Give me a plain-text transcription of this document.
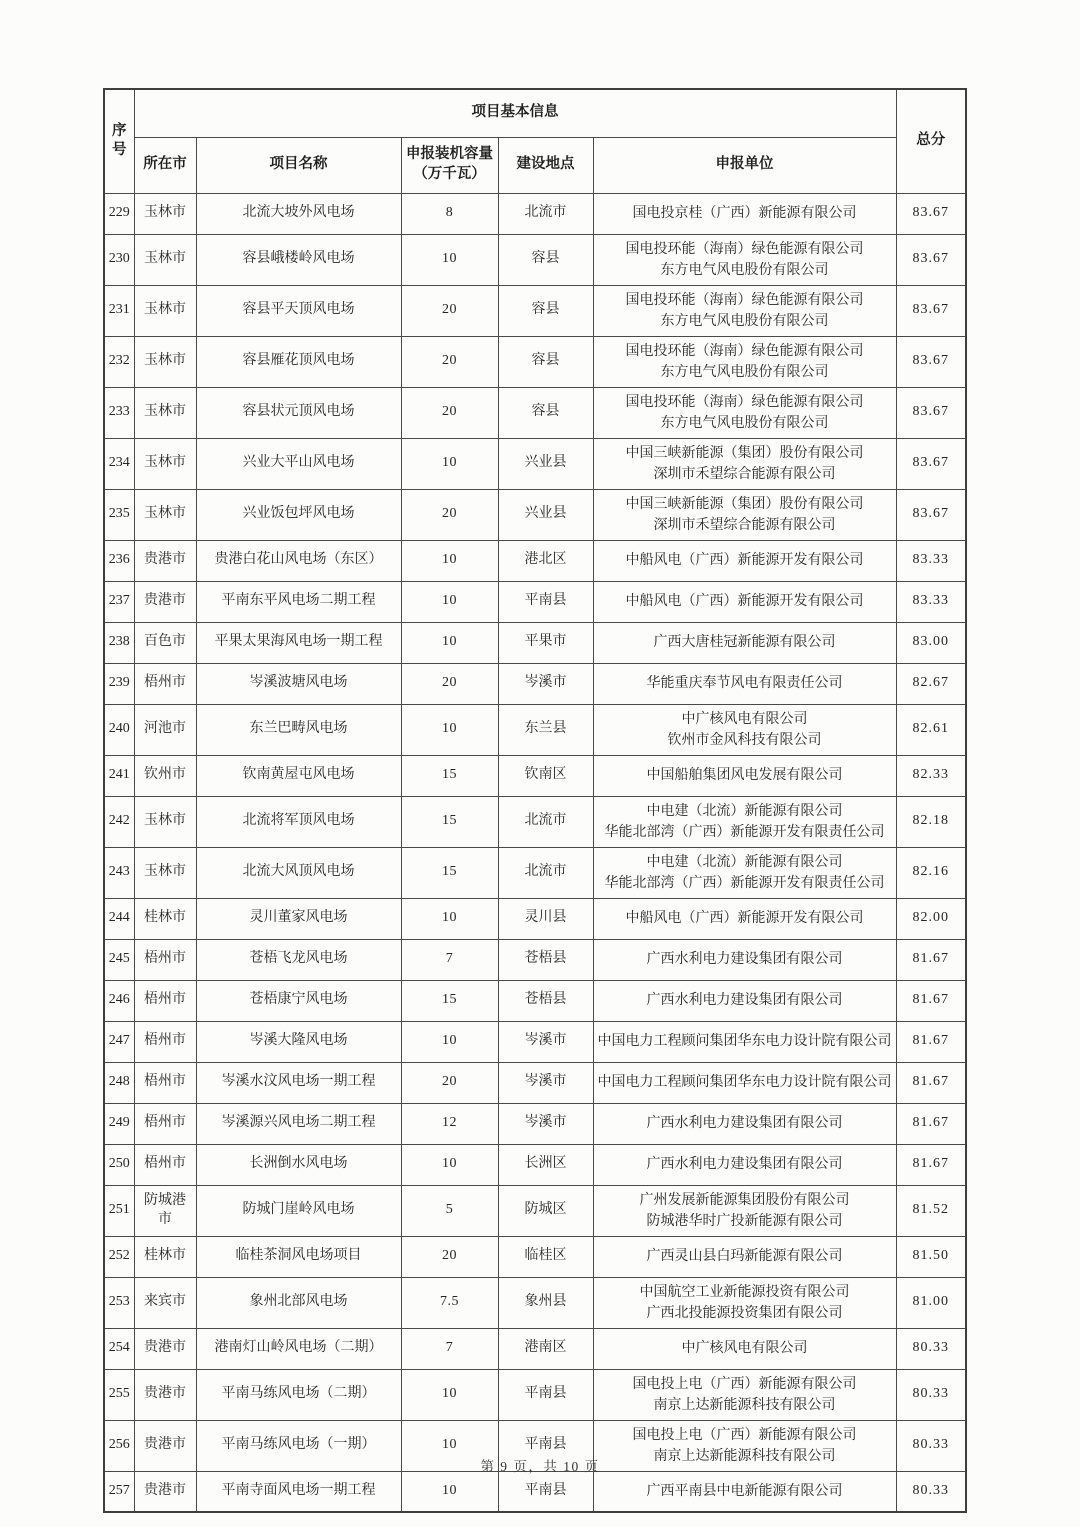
序号	项目基本信息					总分
	所在市	项目名称	申报装机容量
（万千瓦）	建设地点	申报单位	
229	玉林市	北流大坡外风电场	8	北流市	国电投京桂（广西）新能源有限公司	83.67
230	玉林市	容县峨楼岭风电场	10	容县	国电投环能（海南）绿色能源有限公司
东方电气风电股份有限公司	83.67
231	玉林市	容县平天顶风电场	20	容县	国电投环能（海南）绿色能源有限公司
东方电气风电股份有限公司	83.67
232	玉林市	容县雁花顶风电场	20	容县	国电投环能（海南）绿色能源有限公司
东方电气风电股份有限公司	83.67
233	玉林市	容县状元顶风电场	20	容县	国电投环能（海南）绿色能源有限公司
东方电气风电股份有限公司	83.67
234	玉林市	兴业大平山风电场	10	兴业县	中国三峡新能源（集团）股份有限公司
深圳市禾望综合能源有限公司	83.67
235	玉林市	兴业饭包坪风电场	20	兴业县	中国三峡新能源（集团）股份有限公司
深圳市禾望综合能源有限公司	83.67
236	贵港市	贵港白花山风电场（东区）	10	港北区	中船风电（广西）新能源开发有限公司	83.33
237	贵港市	平南东平风电场二期工程	10	平南县	中船风电（广西）新能源开发有限公司	83.33
238	百色市	平果太果海风电场一期工程	10	平果市	广西大唐桂冠新能源有限公司	83.00
239	梧州市	岑溪波塘风电场	20	岑溪市	华能重庆奉节风电有限责任公司	82.67
240	河池市	东兰巴畴风电场	10	东兰县	中广核风电有限公司
钦州市金风科技有限公司	82.61
241	钦州市	钦南黄屋屯风电场	15	钦南区	中国船舶集团风电发展有限公司	82.33
242	玉林市	北流将军顶风电场	15	北流市	中电建（北流）新能源有限公司
华能北部湾（广西）新能源开发有限责任公司	82.18
243	玉林市	北流大风顶风电场	15	北流市	中电建（北流）新能源有限公司
华能北部湾（广西）新能源开发有限责任公司	82.16
244	桂林市	灵川董家风电场	10	灵川县	中船风电（广西）新能源开发有限公司	82.00
245	梧州市	苍梧飞龙风电场	7	苍梧县	广西水利电力建设集团有限公司	81.67
246	梧州市	苍梧康宁风电场	15	苍梧县	广西水利电力建设集团有限公司	81.67
247	梧州市	岑溪大隆风电场	10	岑溪市	中国电力工程顾问集团华东电力设计院有限公司	81.67
248	梧州市	岑溪水汶风电场一期工程	20	岑溪市	中国电力工程顾问集团华东电力设计院有限公司	81.67
249	梧州市	岑溪源兴风电场二期工程	12	岑溪市	广西水利电力建设集团有限公司	81.67
250	梧州市	长洲倒水风电场	10	长洲区	广西水利电力建设集团有限公司	81.67
251	防城港市	防城门崖岭风电场	5	防城区	广州发展新能源集团股份有限公司
防城港华时广投新能源有限公司	81.52
252	桂林市	临桂茶洞风电场项目	20	临桂区	广西灵山县白玛新能源有限公司	81.50
253	来宾市	象州北部风电场	7.5	象州县	中国航空工业新能源投资有限公司
广西北投能源投资集团有限公司	81.00
254	贵港市	港南灯山岭风电场（二期）	7	港南区	中广核风电有限公司	80.33
255	贵港市	平南马练风电场（二期）	10	平南县	国电投上电（广西）新能源有限公司
南京上达新能源科技有限公司	80.33
256	贵港市	平南马练风电场（一期）	10	平南县	国电投上电（广西）新能源有限公司
南京上达新能源科技有限公司	80.33
257	贵港市	平南寺面风电场一期工程	10	平南县	广西平南县中电新能源有限公司	80.33
第 9 页，共 10 页
